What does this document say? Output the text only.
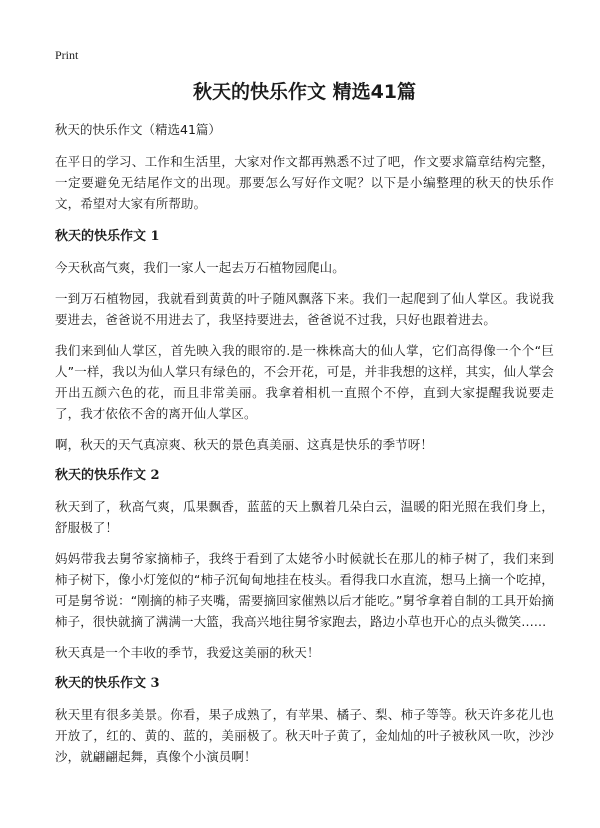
Print
秋天的快乐作文 精选41篇
秋天的快乐作文（精选41篇）

在平日的学习、工作和生活里，大家对作文都再熟悉不过了吧，作文要求篇章结构完整，一定要避免无结尾作文的出现。那要怎么写好作文呢？以下是小编整理的秋天的快乐作文，希望对大家有所帮助。

秋天的快乐作文 1

今天秋高气爽，我们一家人一起去万石植物园爬山。

一到万石植物园，我就看到黄黄的叶子随风飘落下来。我们一起爬到了仙人掌区。我说我要进去，爸爸说不用进去了，我坚持要进去，爸爸说不过我，只好也跟着进去。

我们来到仙人掌区，首先映入我的眼帘的.是一株株高大的仙人掌，它们高得像一个个“巨人”一样，我以为仙人掌只有绿色的，不会开花，可是，并非我想的这样，其实，仙人掌会开出五颜六色的花，而且非常美丽。我拿着相机一直照个不停，直到大家提醒我说要走了，我才依依不舍的离开仙人掌区。

啊，秋天的天气真凉爽、秋天的景色真美丽、这真是快乐的季节呀！

秋天的快乐作文 2

秋天到了，秋高气爽，瓜果飘香，蓝蓝的天上飘着几朵白云，温暖的阳光照在我们身上，舒服极了！

妈妈带我去舅爷家摘柿子，我终于看到了太姥爷小时候就长在那儿的柿子树了，我们来到柿子树下，像小灯笼似的“柿子沉甸甸地挂在枝头。看得我口水直流，想马上摘一个吃掉，可是舅爷说：“刚摘的柿子夹嘴，需要摘回家催熟以后才能吃。”舅爷拿着自制的工具开始摘柿子，很快就摘了满满一大篮，我高兴地往舅爷家跑去，路边小草也开心的点头微笑……

秋天真是一个丰收的季节，我爱这美丽的秋天！

秋天的快乐作文 3

秋天里有很多美景。你看，果子成熟了，有苹果、橘子、梨、柿子等等。秋天许多花儿也开放了，红的、黄的、蓝的，美丽极了。秋天叶子黄了，金灿灿的叶子被秋风一吹，沙沙沙，就翩翩起舞，真像个小演员啊！
